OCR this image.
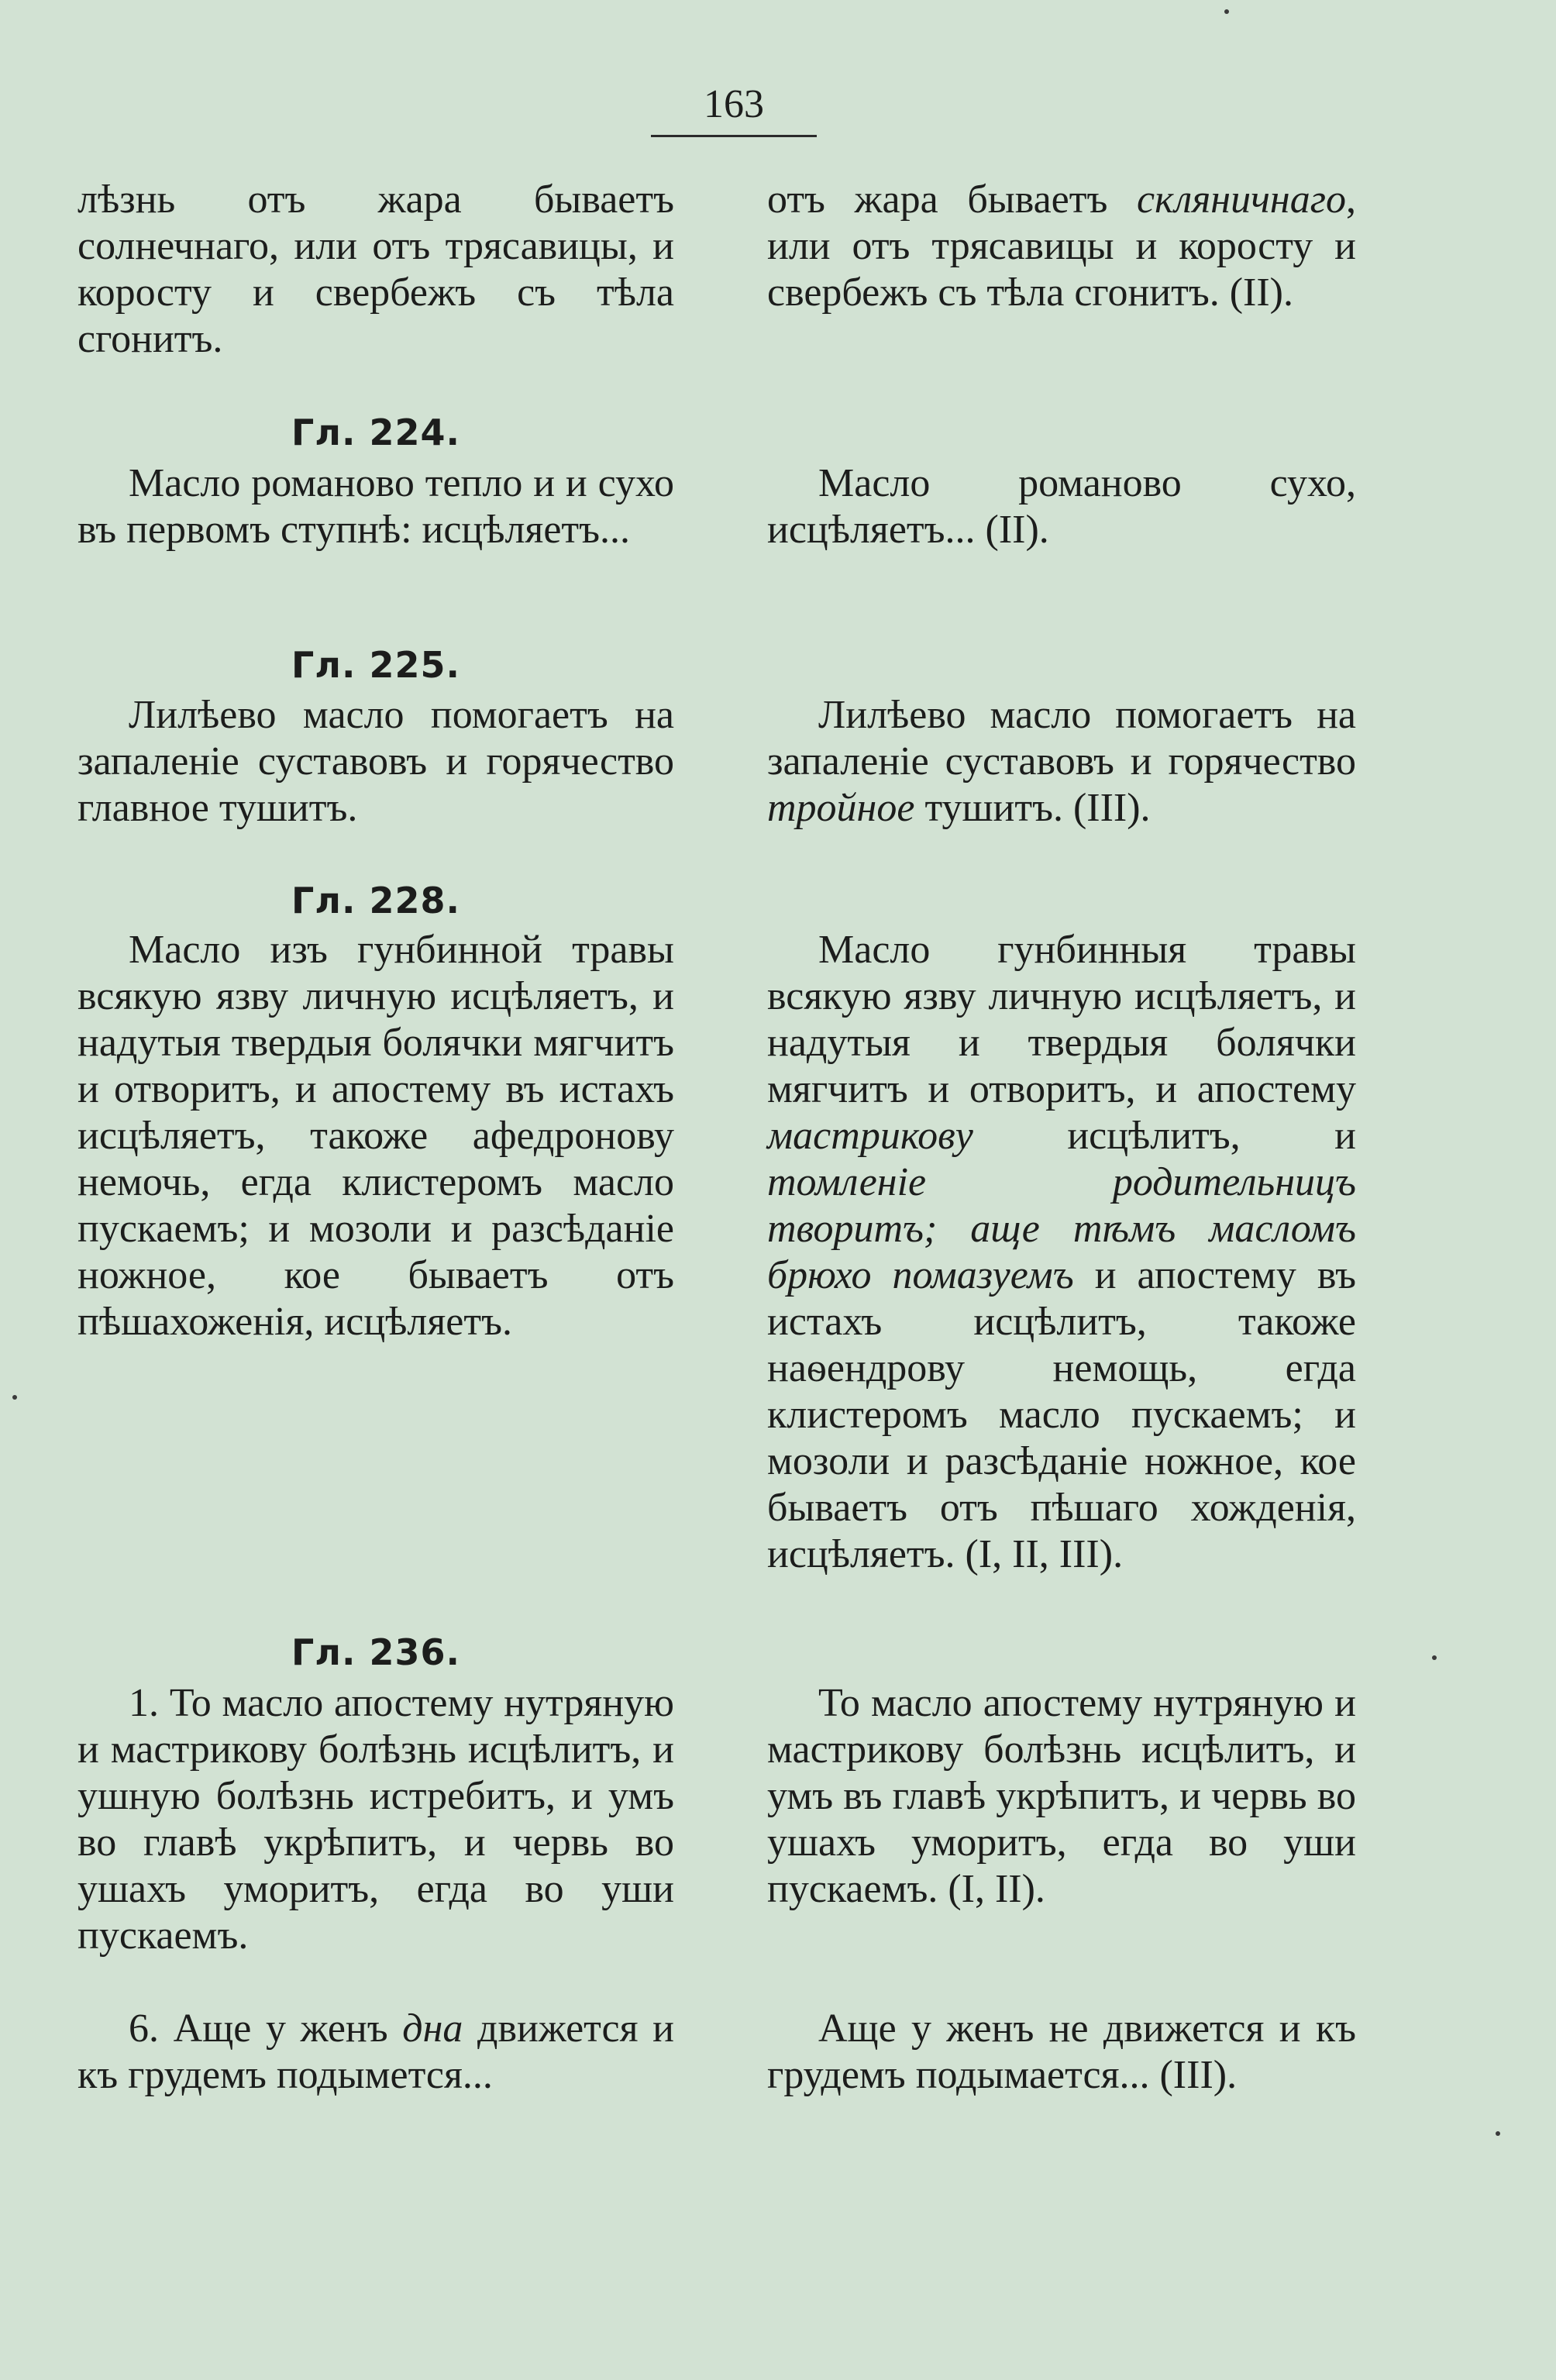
163

лѣзнь отъ жара бываетъ солнечнаго, или отъ трясавицы, и коросту и свербежъ съ тѣла сгонитъ.

Гл. 224.

Масло романово тепло и и сухо въ первомъ ступнѣ: исцѣляетъ...

Гл. 225.

Лилѣево масло помогаетъ на запаленіе суставовъ и горячество главное тушитъ.

Гл. 228.

Масло изъ гунбинной травы всякую язву личную исцѣляетъ, и надутыя твердыя болячки мягчитъ и отворитъ, и апостему въ истахъ исцѣляетъ, такоже афедронову немочь, егда клистеромъ масло пускаемъ; и мозоли и разсѣданіе ножное, кое бываетъ отъ пѣшахоженія, исцѣляетъ.

Гл. 236.

1. То масло апостему нутряную и мастрикову болѣзнь исцѣлитъ, и ушную болѣзнь истребитъ, и умъ во главѣ укрѣпитъ, и червь во ушахъ уморитъ, егда во уши пускаемъ.

6. Аще у женъ дна движется и къ грудемъ подымется...

отъ жара бываетъ скляничнаго, или отъ трясавицы и коросту и свербежъ съ тѣла сгонитъ. (II).

Масло романово сухо, исцѣляетъ... (II).

Лилѣево масло помогаетъ на запаленіе суставовъ и горячество тройное тушитъ. (III).

Масло гунбинныя травы всякую язву личную исцѣляетъ, и надутыя и твердыя болячки мягчитъ и отворитъ, и апостему мастрикову исцѣлитъ, и томленіе родительницъ творитъ; аще тѣмъ масломъ брюхо помазуемъ и апостему въ истахъ исцѣлитъ, такоже наѳендрову немощь, егда клистеромъ масло пускаемъ; и мозоли и разсѣданіе ножное, кое бываетъ отъ пѣшаго хожденія, исцѣляетъ. (I, II, III).

То масло апостему нутряную и мастрикову болѣзнь исцѣлитъ, и умъ въ главѣ укрѣпитъ, и червь во ушахъ уморитъ, егда во уши пускаемъ. (I, II).

Аще у женъ не движется и къ грудемъ подымается... (III).
